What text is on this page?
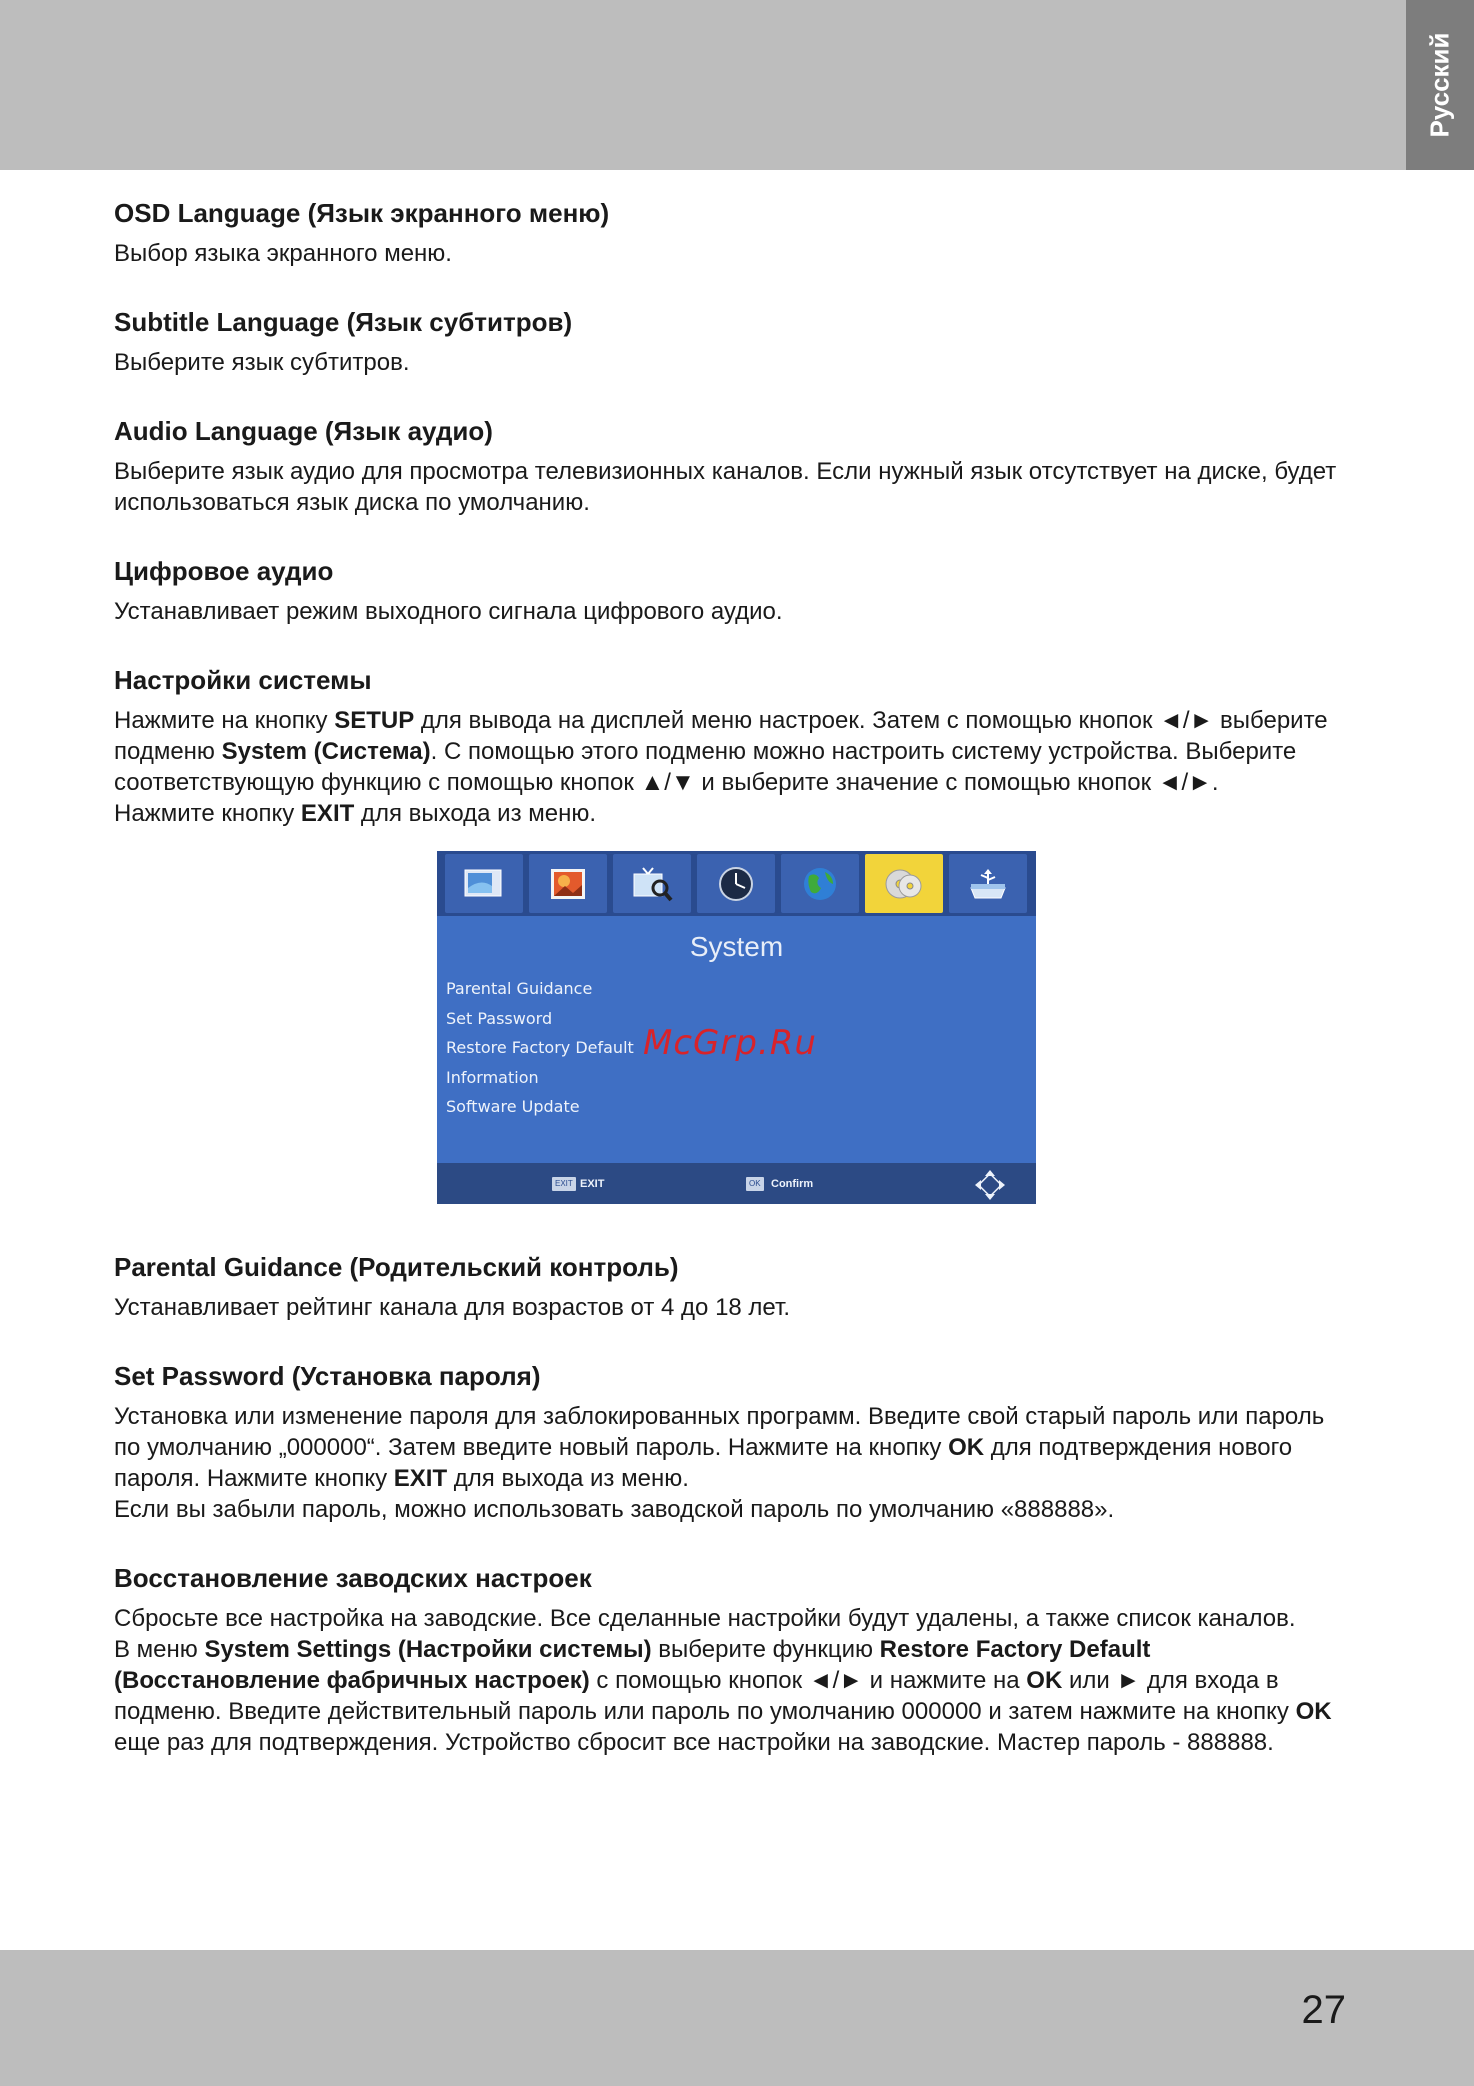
Русский
OSD Language (Язык экранного меню)

Выбор языка экранного меню.

Subtitle Language (Язык субтитров)

Выберите язык субтитров.

Audio Language (Язык аудио)

Выберите язык аудио для просмотра телевизионных каналов. Если нужный язык отсутствует на диске, будет использоваться язык диска по умолчанию.

Цифровое аудио

Устанавливает режим выходного сигнала цифрового аудио.

Настройки системы

Нажмите на кнопку SETUP для вывода на дисплей меню настроек. Затем с помощью кнопок ◄/► выберите подменю System (Система). С помощью этого подменю можно настроить систему устройства. Выберите соответствующую функцию с помощью кнопок ▲/▼ и выберите значение с помощью кнопок ◄/►.

Нажмите кнопку EXIT для выхода из меню.

System
Parental Guidance
Set Password
Restore Factory Default
Information
Software Update
EXIT EXIT	OK Confirm
McGrp.Ru
Parental Guidance (Родительский контроль)

Устанавливает рейтинг канала для возрастов от 4 до 18 лет.

Set Password (Установка пароля)

Установка или изменение пароля для заблокированных программ. Введите свой старый пароль или пароль по умолчанию „000000“. Затем введите новый пароль. Нажмите на кнопку OK для подтверждения нового пароля. Нажмите кнопку EXIT для выхода из меню.

Если вы забыли пароль, можно использовать заводской пароль по умолчанию «888888».

Восстановление заводских настроек

Сбросьте все настройка на заводские. Все сделанные настройки будут удалены, а также список каналов.

В меню System Settings (Настройки системы) выберите функцию Restore Factory Default (Восстановление фабричных настроек) с помощью кнопок ◄/► и нажмите на OK или ► для входа в подменю. Введите действительный пароль или пароль по умолчанию 000000 и затем нажмите на кнопку OK еще раз для подтверждения. Устройство сбросит все настройки на заводские. Мастер пароль - 888888.

27
